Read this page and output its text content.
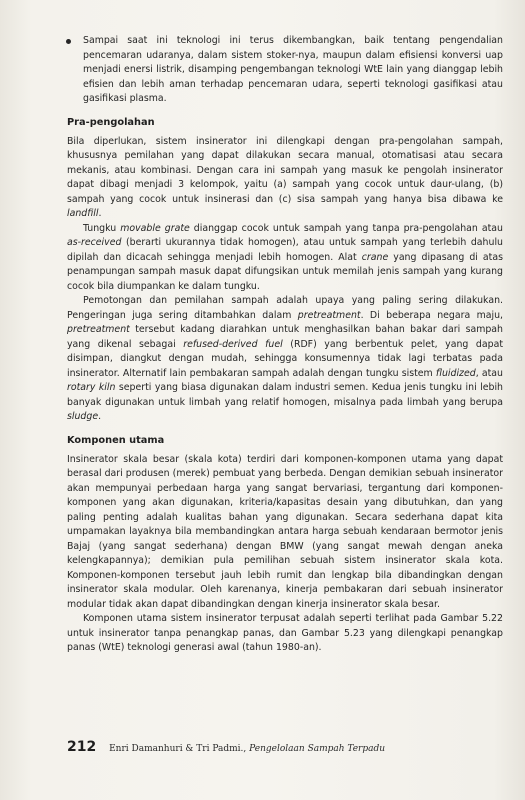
Sampai saat ini teknologi ini terus dikembangkan, baik tentang pengendalian pencemaran udaranya, dalam sistem stoker-nya, maupun dalam efisiensi konversi uap menjadi enersi listrik, disamping pengembangan teknologi WtE lain yang dianggap lebih efisien dan lebih aman terhadap pencemaran udara, seperti teknologi gasifikasi atau gasifikasi plasma.
Pra-pengolahan

Bila diperlukan, sistem insinerator ini dilengkapi dengan pra-pengolahan sampah, khususnya pemilahan yang dapat dilakukan secara manual, otomatisasi atau secara mekanis, atau kombinasi. Dengan cara ini sampah yang masuk ke pengolah insinerator dapat dibagi menjadi 3 kelompok, yaitu (a) sampah yang cocok untuk daur-ulang, (b) sampah yang cocok untuk insinerasi dan (c) sisa sampah yang hanya bisa dibawa ke landfill.

Tungku movable grate dianggap cocok untuk sampah yang tanpa pra-pengolahan atau as-received (berarti ukurannya tidak homogen), atau untuk sampah yang terlebih dahulu dipilah dan dicacah sehingga menjadi lebih homogen. Alat crane yang dipasang di atas penampungan sampah masuk dapat difungsikan untuk memilah jenis sampah yang kurang cocok bila diumpankan ke dalam tungku.

Pemotongan dan pemilahan sampah adalah upaya yang paling sering dilakukan. Pengeringan juga sering ditambahkan dalam pretreatment. Di beberapa negara maju, pretreatment tersebut kadang diarahkan untuk menghasilkan bahan bakar dari sampah yang dikenal sebagai refused-derived fuel (RDF) yang berbentuk pelet, yang dapat disimpan, diangkut dengan mudah, sehingga konsumennya tidak lagi terbatas pada insinerator. Alternatif lain pembakaran sampah adalah dengan tungku sistem fluidized, atau rotary kiln seperti yang biasa digunakan dalam industri semen. Kedua jenis tungku ini lebih banyak digunakan untuk limbah yang relatif homogen, misalnya pada limbah yang berupa sludge.

Komponen utama

Insinerator skala besar (skala kota) terdiri dari komponen-komponen utama yang dapat berasal dari produsen (merek) pembuat yang berbeda. Dengan demikian sebuah insinerator akan mempunyai perbedaan harga yang sangat bervariasi, tergantung dari komponen-komponen yang akan digunakan, kriteria/kapasitas desain yang dibutuhkan, dan yang paling penting adalah kualitas bahan yang digunakan. Secara sederhana dapat kita umpamakan layaknya bila membandingkan antara harga sebuah kendaraan bermotor jenis Bajaj (yang sangat sederhana) dengan BMW (yang sangat mewah dengan aneka kelengkapannya); demikian pula pemilihan sebuah sistem insinerator skala kota. Komponen-komponen tersebut jauh lebih rumit dan lengkap bila dibandingkan dengan insinerator skala modular. Oleh karenanya, kinerja pembakaran dari sebuah insinerator modular tidak akan dapat dibandingkan dengan kinerja insinerator skala besar.

Komponen utama sistem insinerator terpusat adalah seperti terlihat pada Gambar 5.22 untuk insinerator tanpa penangkap panas, dan Gambar 5.23 yang dilengkapi penangkap panas (WtE) teknologi generasi awal (tahun 1980-an).

212 Enri Damanhuri & Tri Padmi., Pengelolaan Sampah Terpadu
